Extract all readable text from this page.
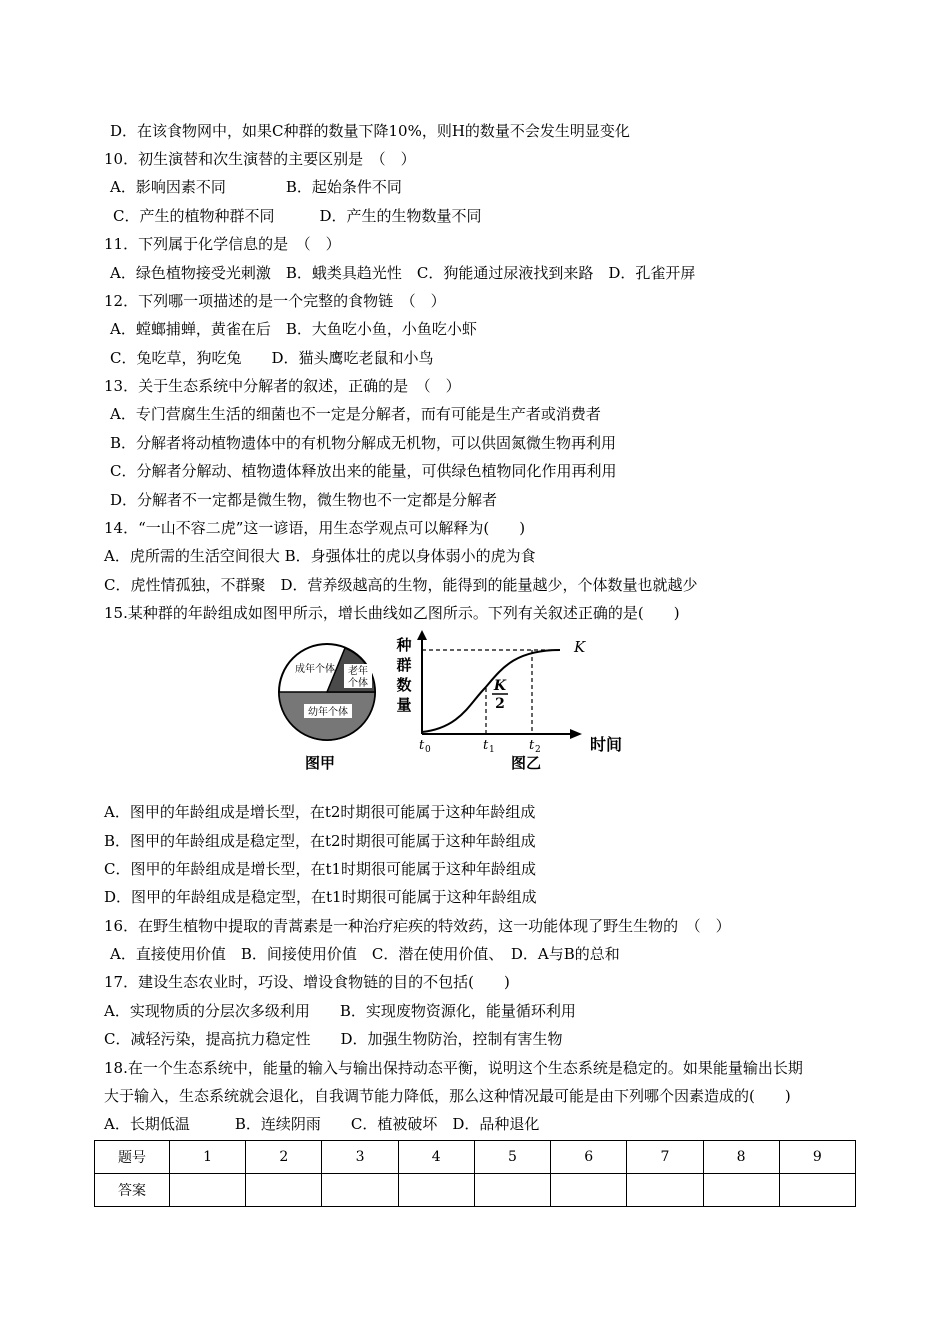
D．在该食物网中，如果C种群的数量下降10%，则H的数量不会发生明显变化
10．初生演替和次生演替的主要区别是　（　）
A．影响因素不同　　　　B．起始条件不同
C．产生的植物种群不同　　　D．产生的生物数量不同
11．下列属于化学信息的是　（　）
A．绿色植物接受光刺激　B．蛾类具趋光性　C．狗能通过尿液找到来路　D．孔雀开屏
12．下列哪一项描述的是一个完整的食物链　（　）
A．螳螂捕蝉，黄雀在后　B．大鱼吃小鱼，小鱼吃小虾
C．兔吃草，狗吃兔　　D．猫头鹰吃老鼠和小鸟
13．关于生态系统中分解者的叙述，正确的是　（　）
A．专门营腐生生活的细菌也不一定是分解者，而有可能是生产者或消费者
B．分解者将动植物遗体中的有机物分解成无机物，可以供固氮微生物再利用
C．分解者分解动、植物遗体释放出来的能量，可供绿色植物同化作用再利用
D．分解者不一定都是微生物，微生物也不一定都是分解者
14．“一山不容二虎”这一谚语，用生态学观点可以解释为(　　)
A．虎所需的生活空间很大 B．身强体壮的虎以身体弱小的虎为食
C．虎性情孤独，不群聚　D．营养级越高的生物，能得到的能量越少，个体数量也就越少
15.某种群的年龄组成如图甲所示，增长曲线如乙图所示。下列有关叙述正确的是(　　)
成年个体 老年
个体
幼年个体
图甲
种
群
数
量
时间
K
K
2
t 0	t 1	t 2
图乙
A．图甲的年龄组成是增长型，在t2时期很可能属于这种年龄组成
B．图甲的年龄组成是稳定型，在t2时期很可能属于这种年龄组成
C．图甲的年龄组成是增长型，在t1时期很可能属于这种年龄组成
D．图甲的年龄组成是稳定型，在t1时期很可能属于这种年龄组成
16．在野生植物中提取的青蒿素是一种治疗疟疾的特效药，这一功能体现了野生生物的　（　）
A．直接使用价值　B．间接使用价值　C．潜在使用价值、　D．A与B的总和
17．建设生态农业时，巧设、增设食物链的目的不包括(　　)
A．实现物质的分层次多级利用　　B．实现废物资源化，能量循环利用
C．减轻污染，提高抗力稳定性　　D．加强生物防治，控制有害生物
18.在一个生态系统中，能量的输入与输出保持动态平衡，说明这个生态系统是稳定的。如果能量输出长期
大于输入，生态系统就会退化，自我调节能力降低，那么这种情况最可能是由下列哪个因素造成的(　　)
A．长期低温　　　B．连续阴雨　　C．植被破坏　D．品种退化
题号	1	2	3	4	5	6	7	8	9
答案									
